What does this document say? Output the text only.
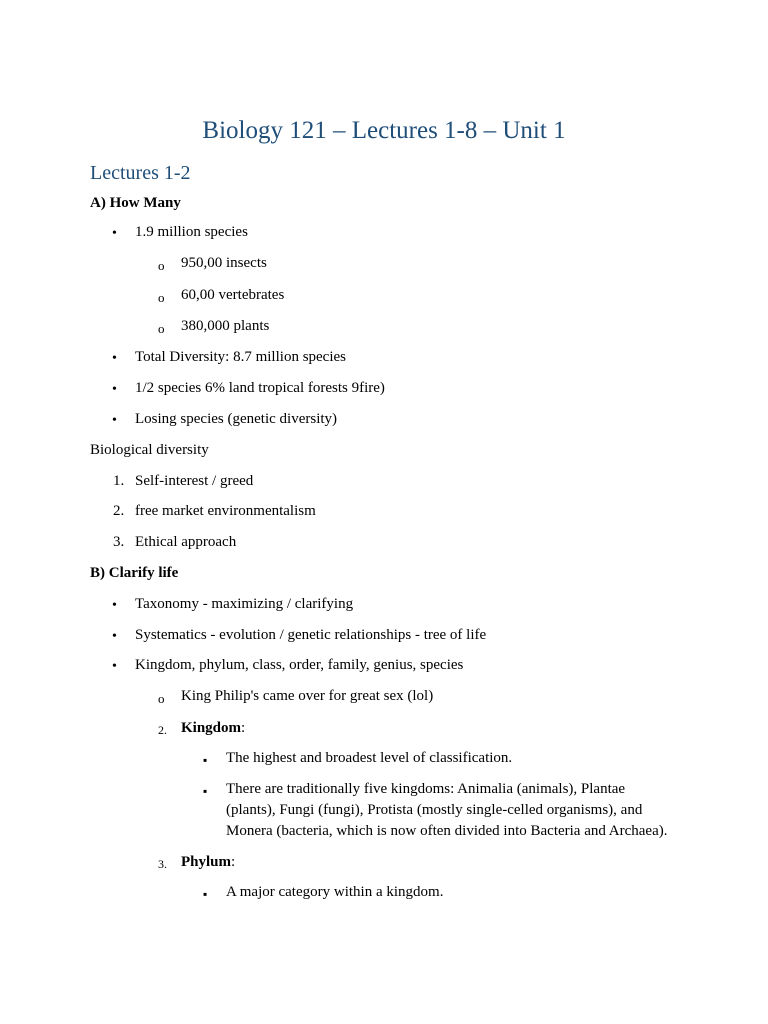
Biology 121 – Lectures 1-8 – Unit 1
Lectures 1-2
A) How Many
• 1.9 million species
o 950,00 insects
o 60,00 vertebrates
o 380,000 plants
• Total Diversity: 8.7 million species
• 1/2 species 6% land tropical forests 9fire)
• Losing species (genetic diversity)
Biological diversity
1. Self-interest / greed
2. free market environmentalism
3. Ethical approach
B) Clarify life
• Taxonomy - maximizing / clarifying
• Systematics - evolution / genetic relationships - tree of life
• Kingdom, phylum, class, order, family, genius, species
o King Philip's came over for great sex (lol)
2. Kingdom:
▪ The highest and broadest level of classification.
▪ There are traditionally five kingdoms: Animalia (animals), Plantae (plants), Fungi (fungi), Protista (mostly single-celled organisms), and Monera (bacteria, which is now often divided into Bacteria and Archaea).
3. Phylum:
▪ A major category within a kingdom.
